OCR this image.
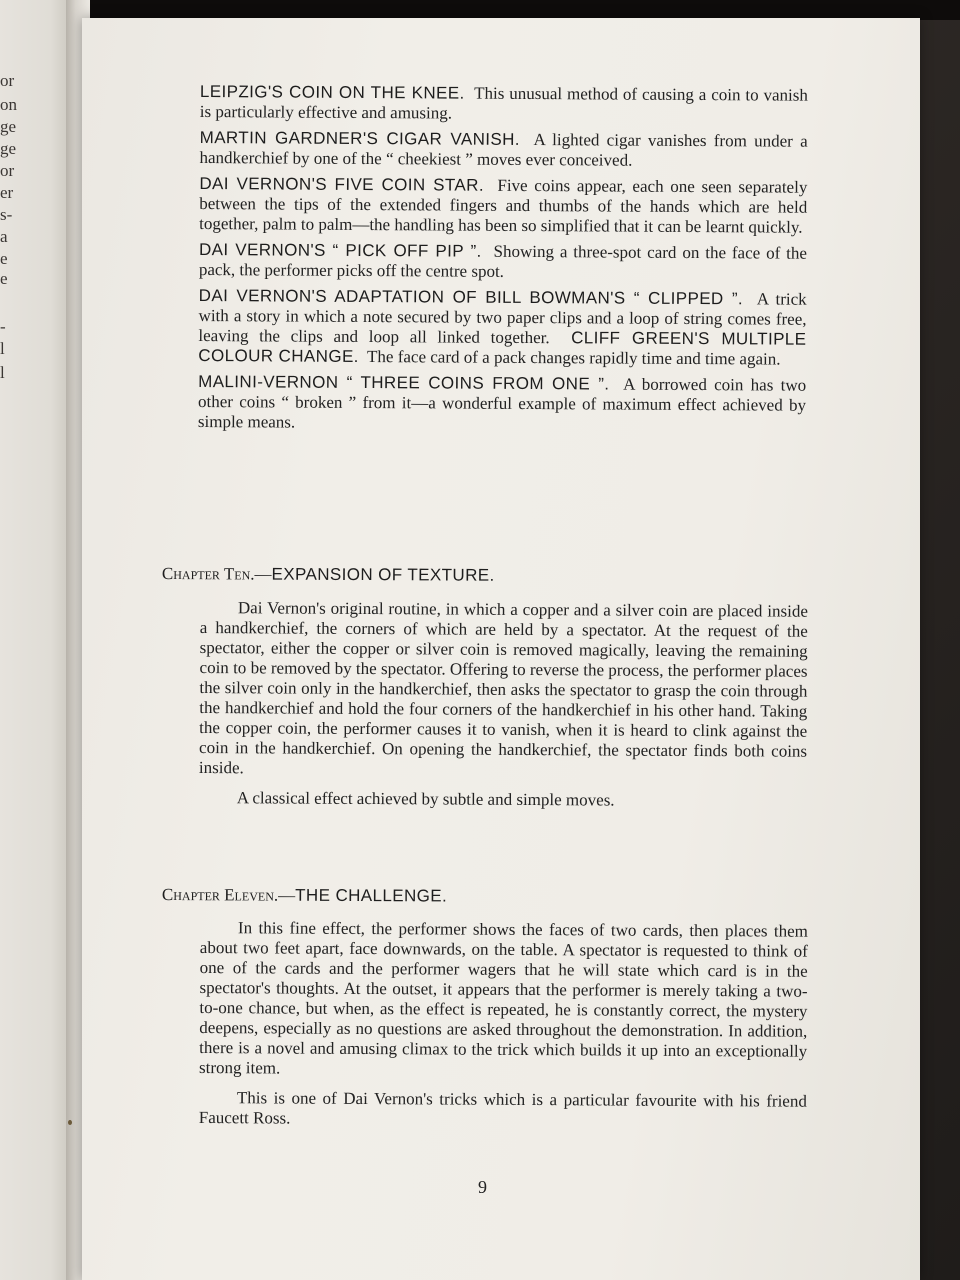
or
on
ge
ge
or
er
s-
a
e
e
-
l
l

LEIPZIG'S COIN ON THE KNEE. This unusual method of causing a coin to vanish is particularly effective and amusing.

MARTIN GARDNER'S CIGAR VANISH. A lighted cigar vanishes from under a handkerchief by one of the “ cheekiest ” moves ever conceived.

DAI VERNON'S FIVE COIN STAR. Five coins appear, each one seen separately between the tips of the extended fingers and thumbs of the hands which are held together, palm to palm—the handling has been so simplified that it can be learnt quickly.

DAI VERNON'S “ PICK OFF PIP ”. Showing a three-spot card on the face of the pack, the performer picks off the centre spot.

DAI VERNON'S ADAPTATION OF BILL BOWMAN'S “ CLIPPED ”. A trick with a story in which a note secured by two paper clips and a loop of string comes free, leaving the clips and loop all linked together. CLIFF GREEN'S MULTIPLE COLOUR CHANGE. The face card of a pack changes rapidly time and time again.

MALINI-VERNON “ THREE COINS FROM ONE ”. A borrowed coin has two other coins “ broken ” from it—a wonderful example of maximum effect achieved by simple means.

Chapter Ten.—EXPANSION OF TEXTURE.

Dai Vernon's original routine, in which a copper and a silver coin are placed inside a handkerchief, the corners of which are held by a spectator. At the request of the spectator, either the copper or silver coin is removed magically, leaving the remaining coin to be removed by the spectator. Offering to reverse the process, the performer places the silver coin only in the handkerchief, then asks the spectator to grasp the coin through the handkerchief and hold the four corners of the handkerchief in his other hand. Taking the copper coin, the performer causes it to vanish, when it is heard to clink against the coin in the handkerchief. On opening the handkerchief, the spectator finds both coins inside.

A classical effect achieved by subtle and simple moves.

Chapter Eleven.—THE CHALLENGE.

In this fine effect, the performer shows the faces of two cards, then places them about two feet apart, face downwards, on the table. A spectator is requested to think of one of the cards and the performer wagers that he will state which card is in the spectator's thoughts. At the outset, it appears that the performer is merely taking a two-to-one chance, but when, as the effect is repeated, he is constantly correct, the mystery deepens, especially as no questions are asked throughout the demonstration. In addition, there is a novel and amusing climax to the trick which builds it up into an exceptionally strong item.

This is one of Dai Vernon's tricks which is a particular favourite with his friend Faucett Ross.

9
